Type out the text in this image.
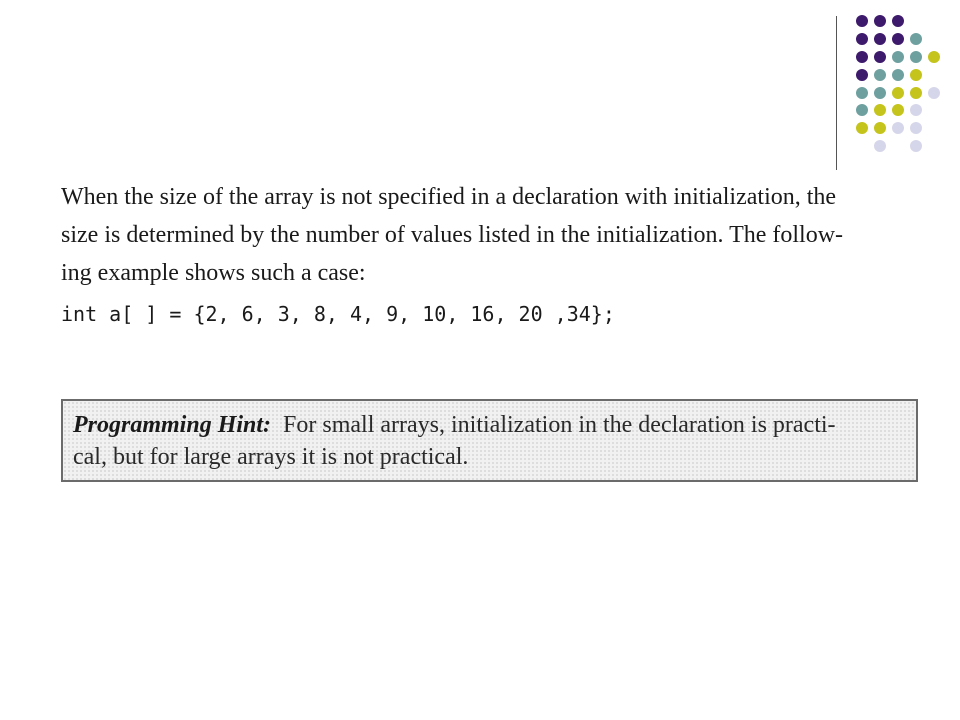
When the size of the array is not specified in a declaration with initialization, the
size is determined by the number of values listed in the initialization. The follow-
ing example shows such a case:
int a[ ] = {2, 6, 3, 8, 4, 9, 10, 16, 20 ,34};
Programming Hint: For small arrays, initialization in the declaration is practi-
cal, but for large arrays it is not practical.
